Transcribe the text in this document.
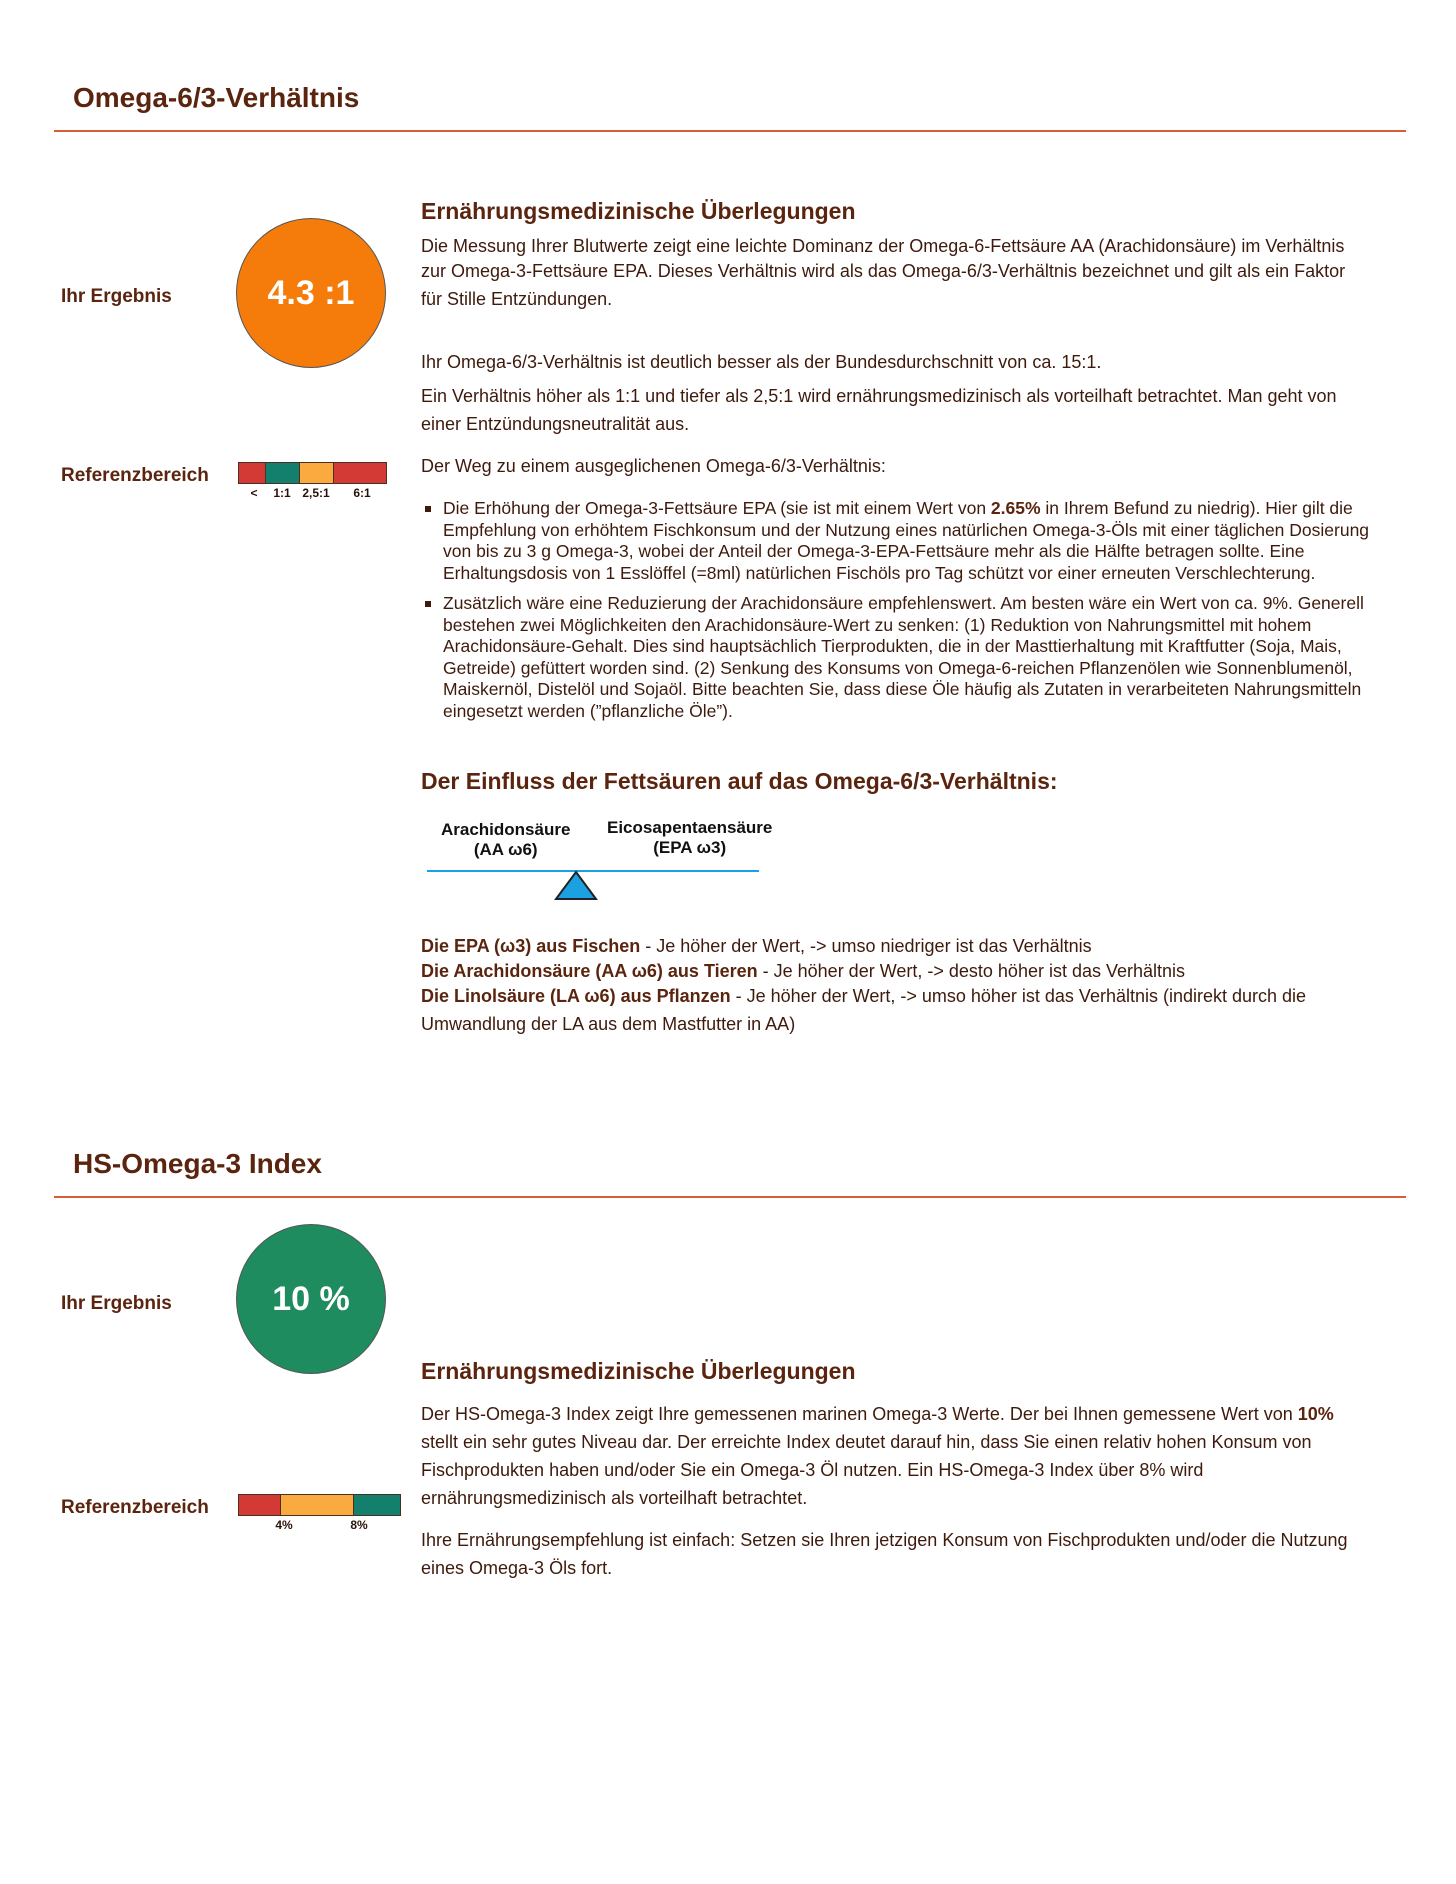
Omega-6/3-Verhältnis
Ihr Ergebnis	4.3 :1
Referenzbereich
< 1:1 2,5:1 6:1
Ernährungsmedizinische Überlegungen
Die Messung Ihrer Blutwerte zeigt eine leichte Dominanz der Omega-6-Fettsäure AA (Arachidonsäure) im Verhältnis
zur Omega-3-Fettsäure EPA. Dieses Verhältnis wird als das Omega-6/3-Verhältnis bezeichnet und gilt als ein Faktor für Stille Entzündungen.

Ihr Omega-6/3-Verhältnis ist deutlich besser als der Bundesdurchschnitt von ca. 15:1.

Ein Verhältnis höher als 1:1 und tiefer als 2,5:1 wird ernährungsmedizinisch als vorteilhaft betrachtet. Man geht von einer Entzündungsneutralität aus.

Der Weg zu einem ausgeglichenen Omega-6/3-Verhältnis:

Die Erhöhung der Omega-3-Fettsäure EPA (sie ist mit einem Wert von 2.65% in Ihrem Befund zu niedrig). Hier gilt die Empfehlung von erhöhtem Fischkonsum und der Nutzung eines natürlichen Omega-3-Öls mit einer täglichen Dosierung von bis zu 3 g Omega-3, wobei der Anteil der Omega-3-EPA-Fettsäure mehr als die Hälfte betragen sollte. Eine Erhaltungsdosis von 1 Esslöffel (=8ml) natürlichen Fischöls pro Tag schützt vor einer erneuten Verschlechterung.
Zusätzlich wäre eine Reduzierung der Arachidonsäure empfehlenswert. Am besten wäre ein Wert von ca. 9%. Generell bestehen zwei Möglichkeiten den Arachidonsäure-Wert zu senken: (1) Reduktion von Nahrungsmittel mit hohem Arachidonsäure-Gehalt. Dies sind hauptsächlich Tierprodukten, die in der Masttierhaltung mit Kraftfutter (Soja, Mais, Getreide) gefüttert worden sind. (2) Senkung des Konsums von Omega-6-reichen Pflanzenölen wie Sonnenblumenöl, Maiskernöl, Distelöl und Sojaöl. Bitte beachten Sie, dass diese Öle häufig als Zutaten in verarbeiteten Nahrungsmitteln eingesetzt werden (”pflanzliche Öle”).
Der Einfluss der Fettsäuren auf das Omega-6/3-Verhältnis:
Arachidonsäure
(AA ω6)
Eicosapentaensäure
(EPA ω3)
Die EPA (ω3) aus Fischen - Je höher der Wert, -> umso niedriger ist das Verhältnis
Die Arachidonsäure (AA ω6) aus Tieren - Je höher der Wert, -> desto höher ist das Verhältnis
Die Linolsäure (LA ω6) aus Pflanzen - Je höher der Wert, -> umso höher ist das Verhältnis (indirekt durch die
Umwandlung der LA aus dem Mastfutter in AA)
HS-Omega-3 Index
Ihr Ergebnis	10 %
Referenzbereich
4%	8%
Ernährungsmedizinische Überlegungen

Der HS-Omega-3 Index zeigt Ihre gemessenen marinen Omega-3 Werte. Der bei Ihnen gemessene Wert von 10% stellt ein sehr gutes Niveau dar. Der erreichte Index deutet darauf hin, dass Sie einen relativ hohen Konsum von Fischprodukten haben und/oder Sie ein Omega-3 Öl nutzen. Ein HS-Omega-3 Index über 8% wird ernährungsmedizinisch als vorteilhaft betrachtet.

Ihre Ernährungsempfehlung ist einfach: Setzen sie Ihren jetzigen Konsum von Fischprodukten und/oder die Nutzung eines Omega-3 Öls fort.
